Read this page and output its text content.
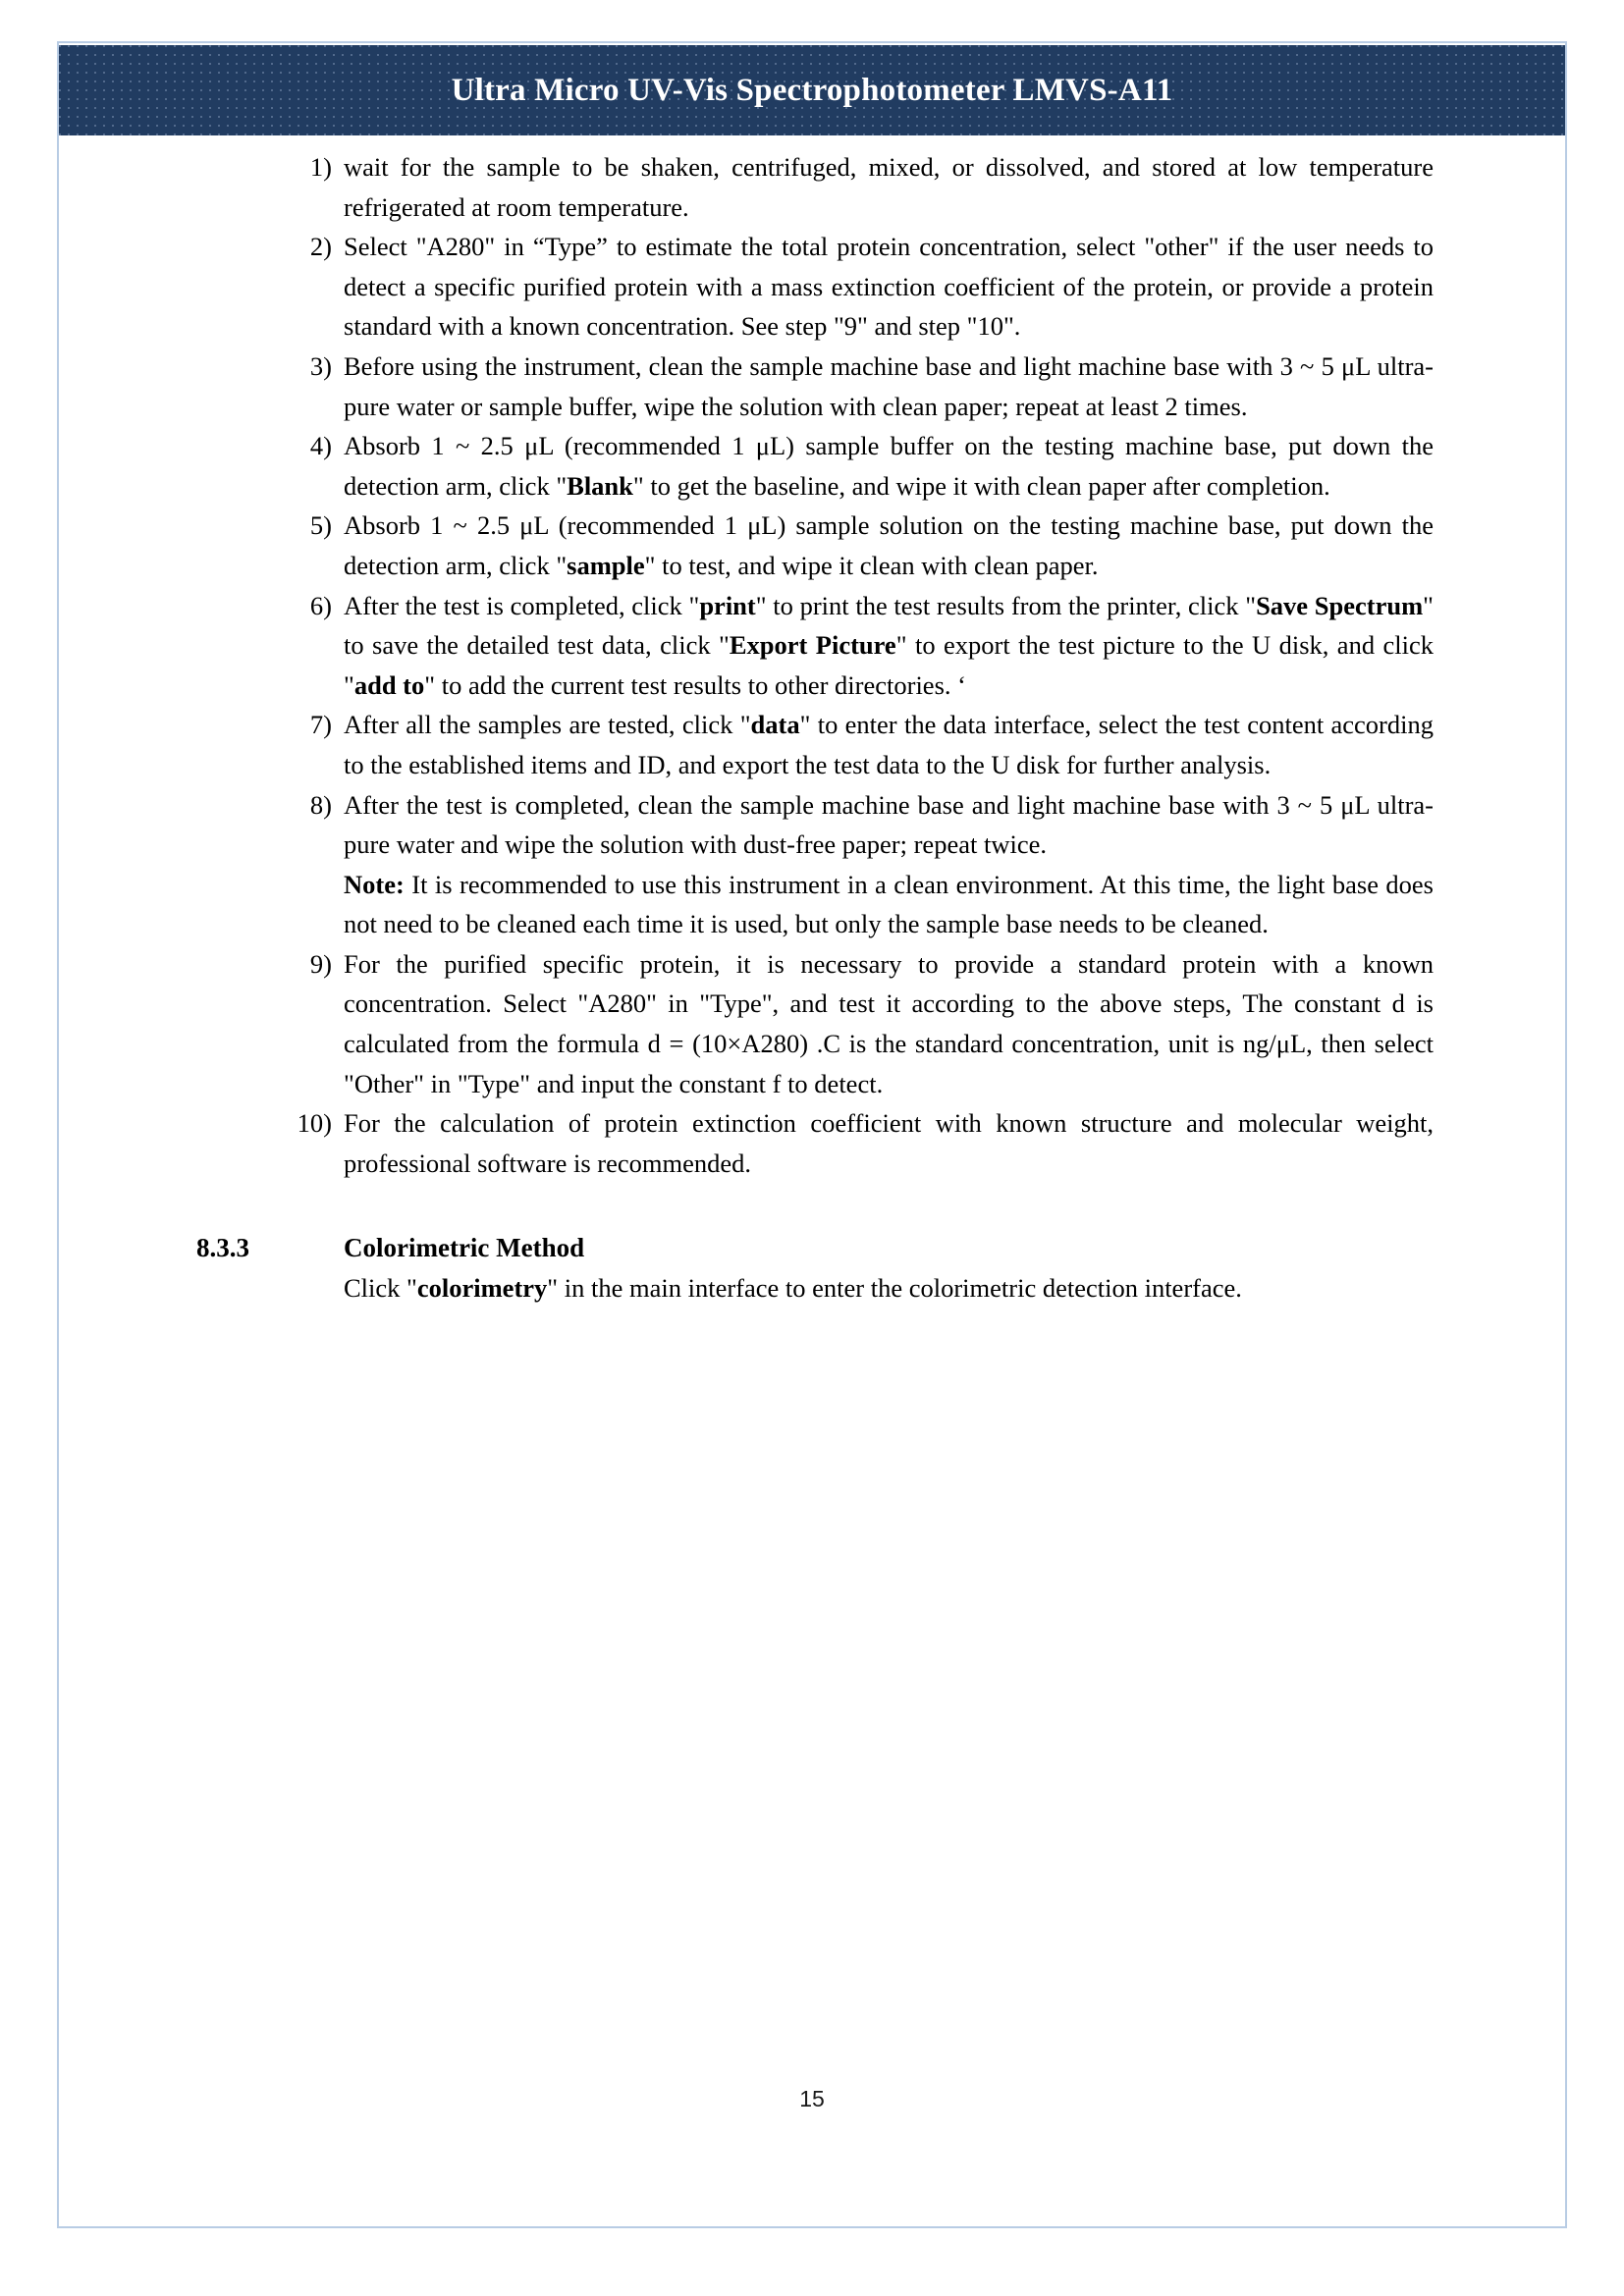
Ultra Micro UV-Vis Spectrophotometer LMVS-A11
1) wait for the sample to be shaken, centrifuged, mixed, or dissolved, and stored at low temperature refrigerated at room temperature.
2) Select "A280" in “Type” to estimate the total protein concentration, select "other" if the user needs to detect a specific purified protein with a mass extinction coefficient of the protein, or provide a protein standard with a known concentration. See step "9" and step "10".
3) Before using the instrument, clean the sample machine base and light machine base with 3 ~ 5 μL ultra-pure water or sample buffer, wipe the solution with clean paper; repeat at least 2 times.
4) Absorb 1 ~ 2.5 μL (recommended 1 μL) sample buffer on the testing machine base, put down the detection arm, click "Blank" to get the baseline, and wipe it with clean paper after completion.
5) Absorb 1 ~ 2.5 μL (recommended 1 μL) sample solution on the testing machine base, put down the detection arm, click "sample" to test, and wipe it clean with clean paper.
6) After the test is completed, click "print" to print the test results from the printer, click "Save Spectrum" to save the detailed test data, click "Export Picture" to export the test picture to the U disk, and click "add to" to add the current test results to other directories. ‘
7) After all the samples are tested, click "data" to enter the data interface, select the test content according to the established items and ID, and export the test data to the U disk for further analysis.
8) After the test is completed, clean the sample machine base and light machine base with 3 ~ 5 μL ultra-pure water and wipe the solution with dust-free paper; repeat twice.
Note: It is recommended to use this instrument in a clean environment. At this time, the light base does not need to be cleaned each time it is used, but only the sample base needs to be cleaned.
9) For the purified specific protein, it is necessary to provide a standard protein with a known concentration. Select "A280" in "Type", and test it according to the above steps, The constant d is calculated from the formula d = (10×A280) .C is the standard concentration, unit is ng/μL, then select "Other" in "Type" and input the constant f to detect.
10) For the calculation of protein extinction coefficient with known structure and molecular weight, professional software is recommended.
8.3.3	Colorimetric Method
Click "colorimetry" in the main interface to enter the colorimetric detection interface.
15
